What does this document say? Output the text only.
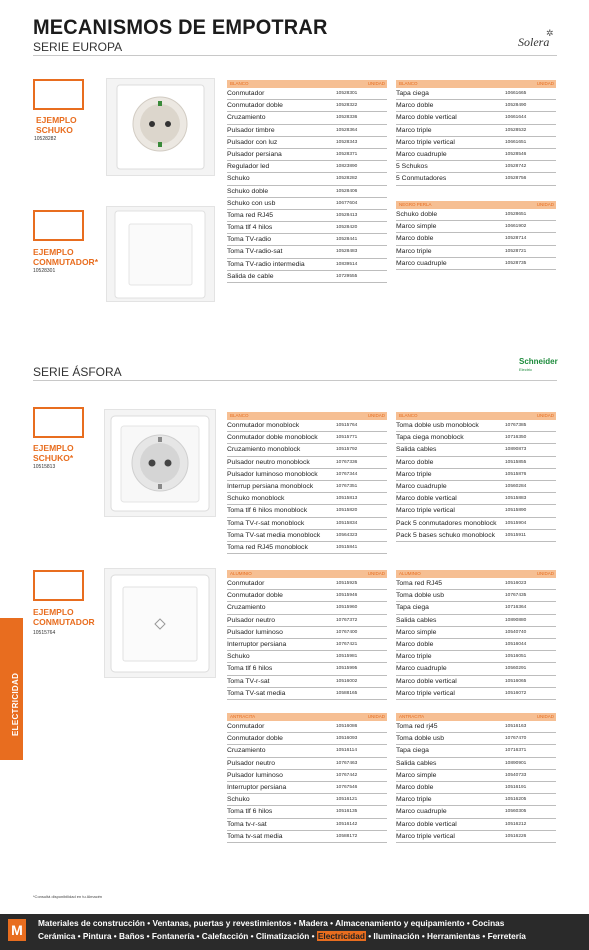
MECANISMOS DE EMPOTRAR
SERIE EUROPA	Solera
✲
SERIE ÁSFORA
Schneider
Electric
EJEMPLO
SCHUKO
10528282
EJEMPLO
CONMUTADOR*
10528301
EJEMPLO
SCHUKO*
10515813
EJEMPLO
CONMUTADOR
10515764
BLANCO	UNIDAD
Conmutador	10528301
Conmutador doble	10528322
Cruzamiento	10528336
Pulsador timbre	10528364
Pulsador con luz	10528343
Pulsador persiana	10528371
Regulador led	10823890
Schuko	10528282
Schuko doble	10528406
Schuko con usb	10677604
Toma red RJ45	10528413
Toma tlf 4 hilos	10528420
Toma TV-radio	10528441
Toma TV-radio-sat	10528483
Toma TV-radio intermedia	10839514
Salida de cable	10729555
BLANCO	UNIDAD
Tapa ciega	10661665
Marco doble	10528490
Marco doble vertical	10661644
Marco triple	10528532
Marco triple vertical	10661651
Marco cuadruple	10528546
5 Schukos	10528742
5 Conmutadores	10528756
NEGRO PERLA	UNIDAD
Schuko doble	10528651
Marco simple	10661902
Marco doble	10528714
Marco triple	10528721
Marco cuadruple	10528735
BLANCO	UNIDAD
Conmutador monoblock	10515764
Conmutador doble monoblock	10515771
Cruzamiento monoblock	10515792
Pulsador neutro monoblock	10767336
Pulsador luminoso monoblock	10767344
Interrup persiana monoblock	10767351
Schuko monoblock	10515813
Toma tlf 6 hilos monoblock	10515820
Toma TV-r-sat monoblock	10515834
Toma TV-sat media monoblock	10564323
Toma red RJ45 monoblock	10515841
BLANCO	UNIDAD
Toma doble usb monoblock	10767385
Tapa ciega monoblock	10716350
Salida cables	10890873
Marco doble	10515855
Marco triple	10515876
Marco cuadruple	10560284
Marco doble vertical	10515883
Marco triple vertical	10515890
Pack 5 conmutadores monoblock 10515904
Pack 5 bases schuko monoblock 10515911
ALUMINIO	UNIDAD
Conmutador	10515925
Conmutador doble	10515946
Cruzamiento	10515960
Pulsador neutro	10767372
Pulsador luminoso	10767400
Interruptor persiana	10767421
Schuko	10515981
Toma tlf 6 hilos	10515995
Toma TV-r-sat	10516002
Toma TV-sat media	10588165
ALUMINIO	UNIDAD
Toma red RJ45	10516023
Toma doble usb	10767435
Tapa ciega	10716364
Salida cables	10890880
Marco simple	10540740
Marco doble	10516044
Marco triple	10516051
Marco cuadruple	10560291
Marco doble vertical	10516065
Marco triple vertical	10516072
ANTRACITA	UNIDAD
Conmutador	10516086
Conmutador doble	10516093
Cruzamiento	10516114
Pulsador neutro	10767463
Pulsador luminoso	10767442
Interruptor persiana	10767546
Schuko	10516121
Toma tlf 6 hilos	10516135
Toma tv-r-sat	10516142
Toma tv-sat media	10588172
ANTRACITA	UNIDAD
Toma red rj45	10516163
Toma doble usb	10767470
Tapa ciega	10716371
Salida cables	10890901
Marco simple	10540733
Marco doble	10516191
Marco triple	10516205
Marco cuadruple	10560305
Marco doble vertical	10516212
Marco triple vertical	10516226
ELECTRICIDAD
*Consultá disponibilidad en tu Almacén
M	Materiales de construcción • Ventanas, puertas y revestimientos • Madera • Almacenamiento y equipamiento • Cocinas
Cerámica • Pintura • Baños • Fontanería • Calefacción • Climatización • Electricidad • Iluminación • Herramientas • Ferretería
